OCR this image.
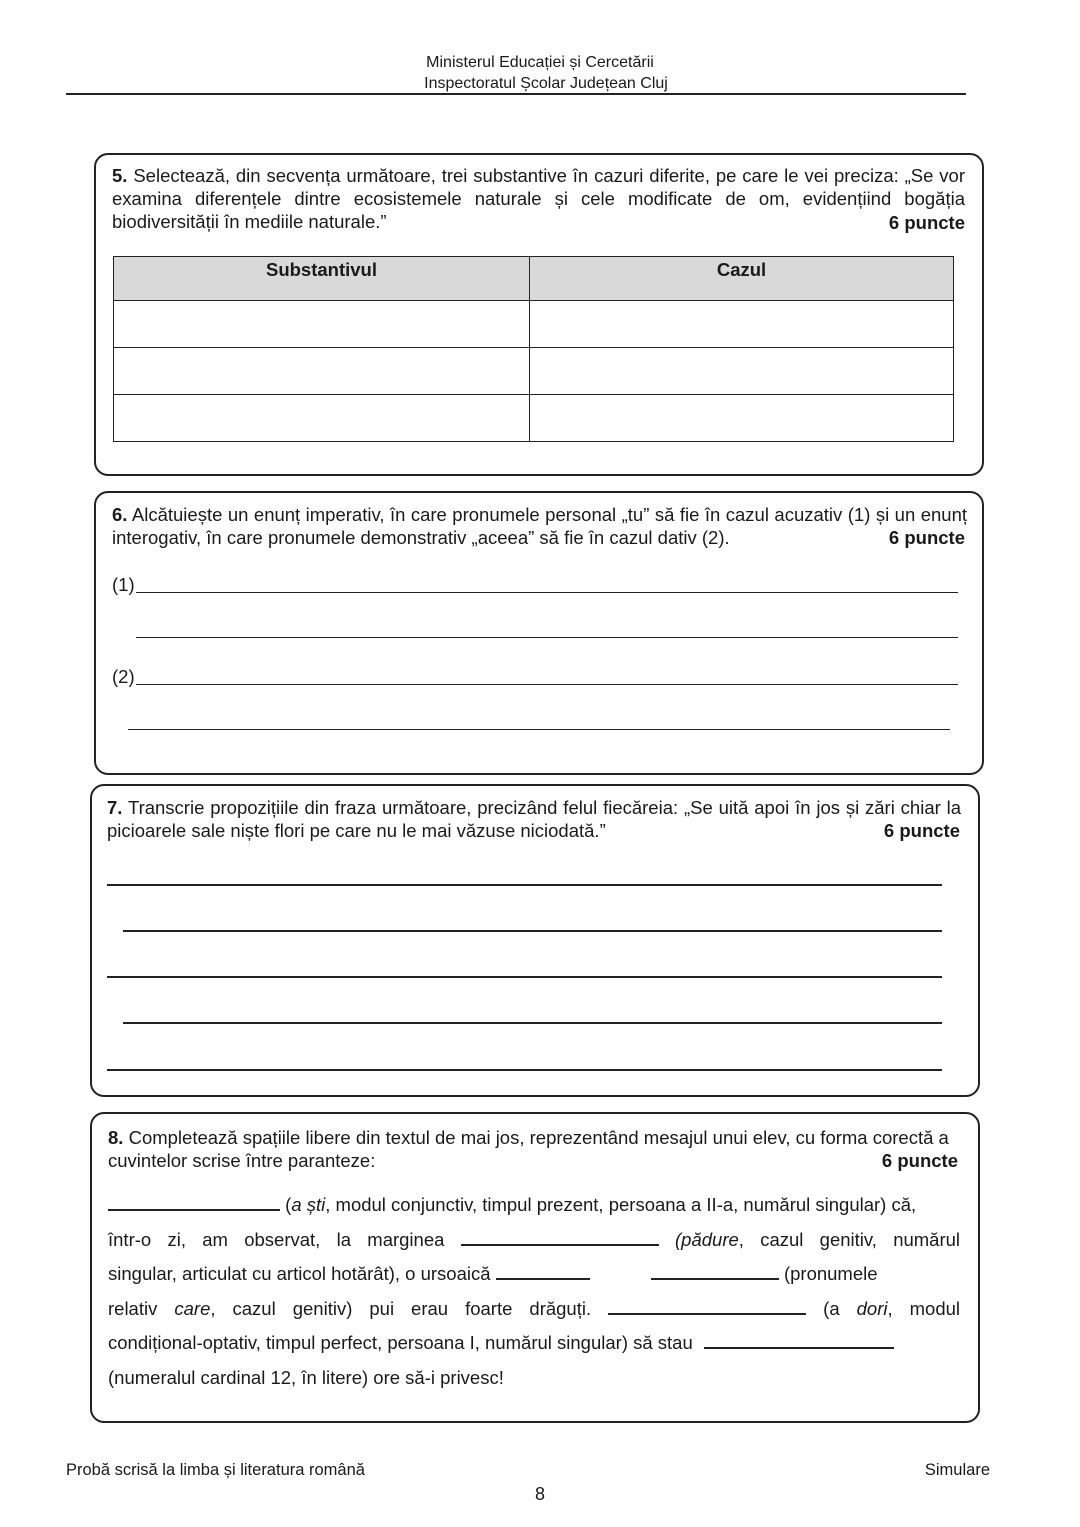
Ministerul Educației și Cercetării
Inspectoratul Școlar Județean Cluj
5. Selectează, din secvența următoare, trei substantive în cazuri diferite, pe care le vei preciza: „Se vor examina diferențele dintre ecosistemele naturale și cele modificate de om, evidențiind bogăția biodiversității în mediile naturale.”	6 puncte
Substantivul	Cazul

6. Alcătuiește un enunț imperativ, în care pronumele personal „tu” să fie în cazul acuzativ (1) și un enunț interogativ, în care pronumele demonstrativ „aceea” să fie în cazul dativ (2).	6 puncte
(1)
(2)
7. Transcrie propozițiile din fraza următoare, precizând felul fiecăreia: „Se uită apoi în jos și zări chiar la picioarele sale niște flori pe care nu le mai văzuse niciodată.”	6 puncte
8. Completează spațiile libere din textul de mai jos, reprezentând mesajul unui elev, cu forma corectă a cuvintelor scrise între paranteze:	6 puncte
(a ști, modul conjunctiv, timpul prezent, persoana a II-a, numărul singular) că,
într-o zi, am observat, la marginea	(pădure, cazul genitiv, numărul
singular, articulat cu articol hotărât), o ursoaică	(pronumele
relativ care, cazul genitiv) pui erau foarte drăguți.	(a dori, modul
condițional-optativ, timpul perfect, persoana I, numărul singular) să stau
(numeralul cardinal 12, în litere) ore să-i privesc!
Probă scrisă la limba și literatura română	Simulare
8
